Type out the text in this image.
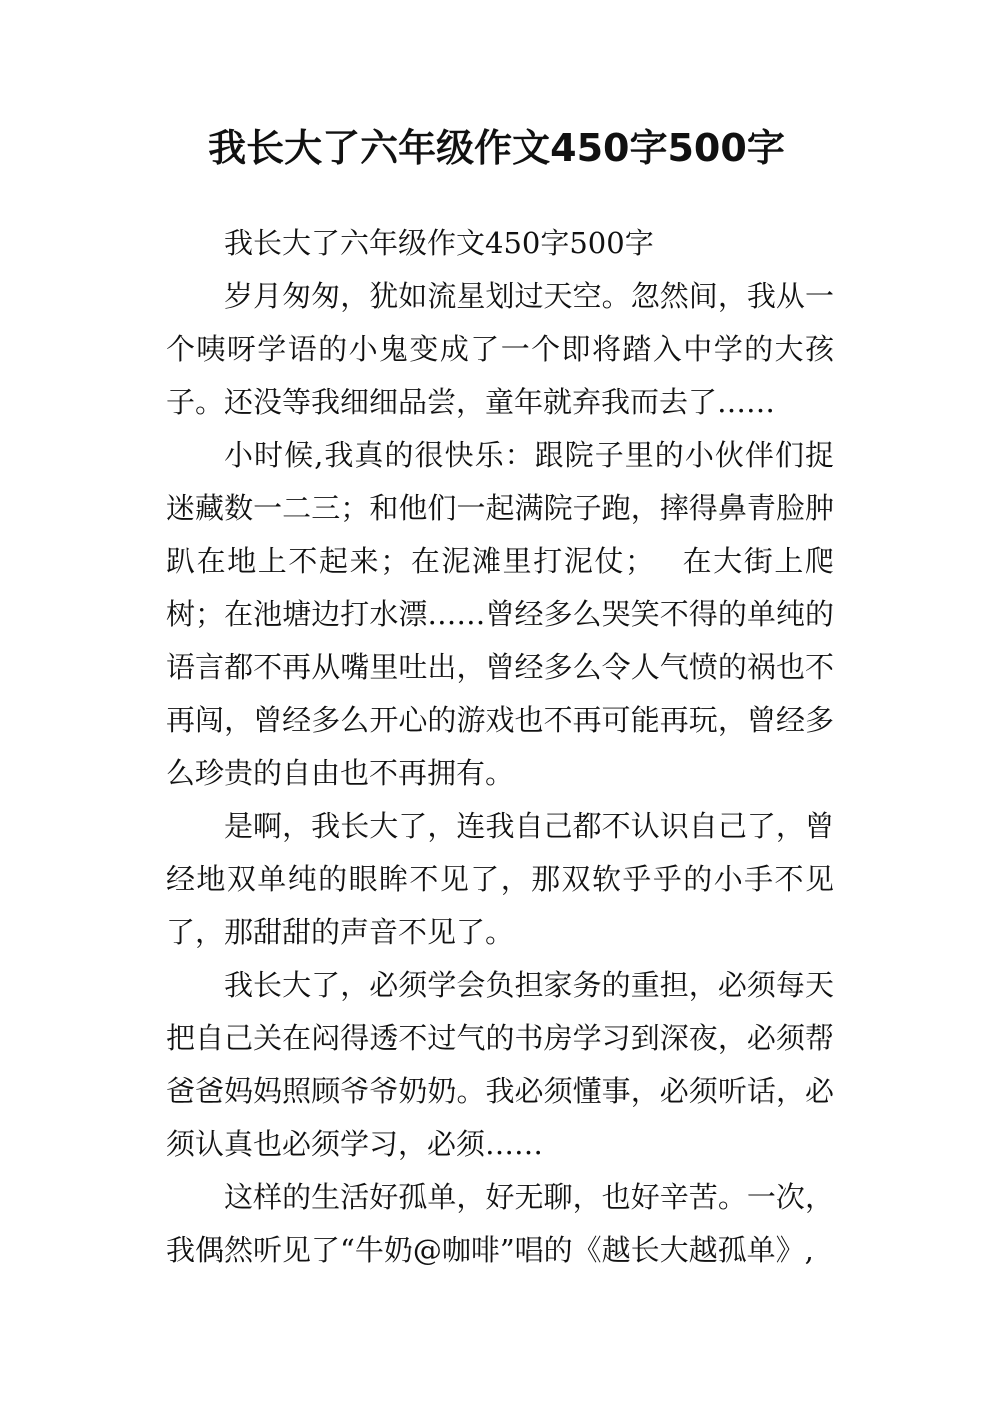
我长大了六年级作文450字500字

我长大了六年级作文450字500字

岁月匆匆，犹如流星划过天空。忽然间，我从一个咦呀学语的小鬼变成了一个即将踏入中学的大孩子。还没等我细细品尝，童年就弃我而去了……

小时候,我真的很快乐：跟院子里的小伙伴们捉迷藏数一二三；和他们一起满院子跑，摔得鼻青脸肿趴在地上不起来；在泥滩里打泥仗；　 在大街上爬树；在池塘边打水漂……曾经多么哭笑不得的单纯的语言都不再从嘴里吐出，曾经多么令人气愤的祸也不再闯，曾经多么开心的游戏也不再可能再玩，曾经多么珍贵的自由也不再拥有。

是啊，我长大了，连我自己都不认识自己了，曾经地双单纯的眼眸不见了，那双软乎乎的小手不见了，那甜甜的声音不见了。

我长大了，必须学会负担家务的重担，必须每天把自己关在闷得透不过气的书房学习到深夜，必须帮爸爸妈妈照顾爷爷奶奶。我必须懂事，必须听话，必须认真也必须学习，必须……

这样的生活好孤单，好无聊，也好辛苦。一次，我偶然听见了“牛奶@咖啡”唱的《越长大越孤单》,
